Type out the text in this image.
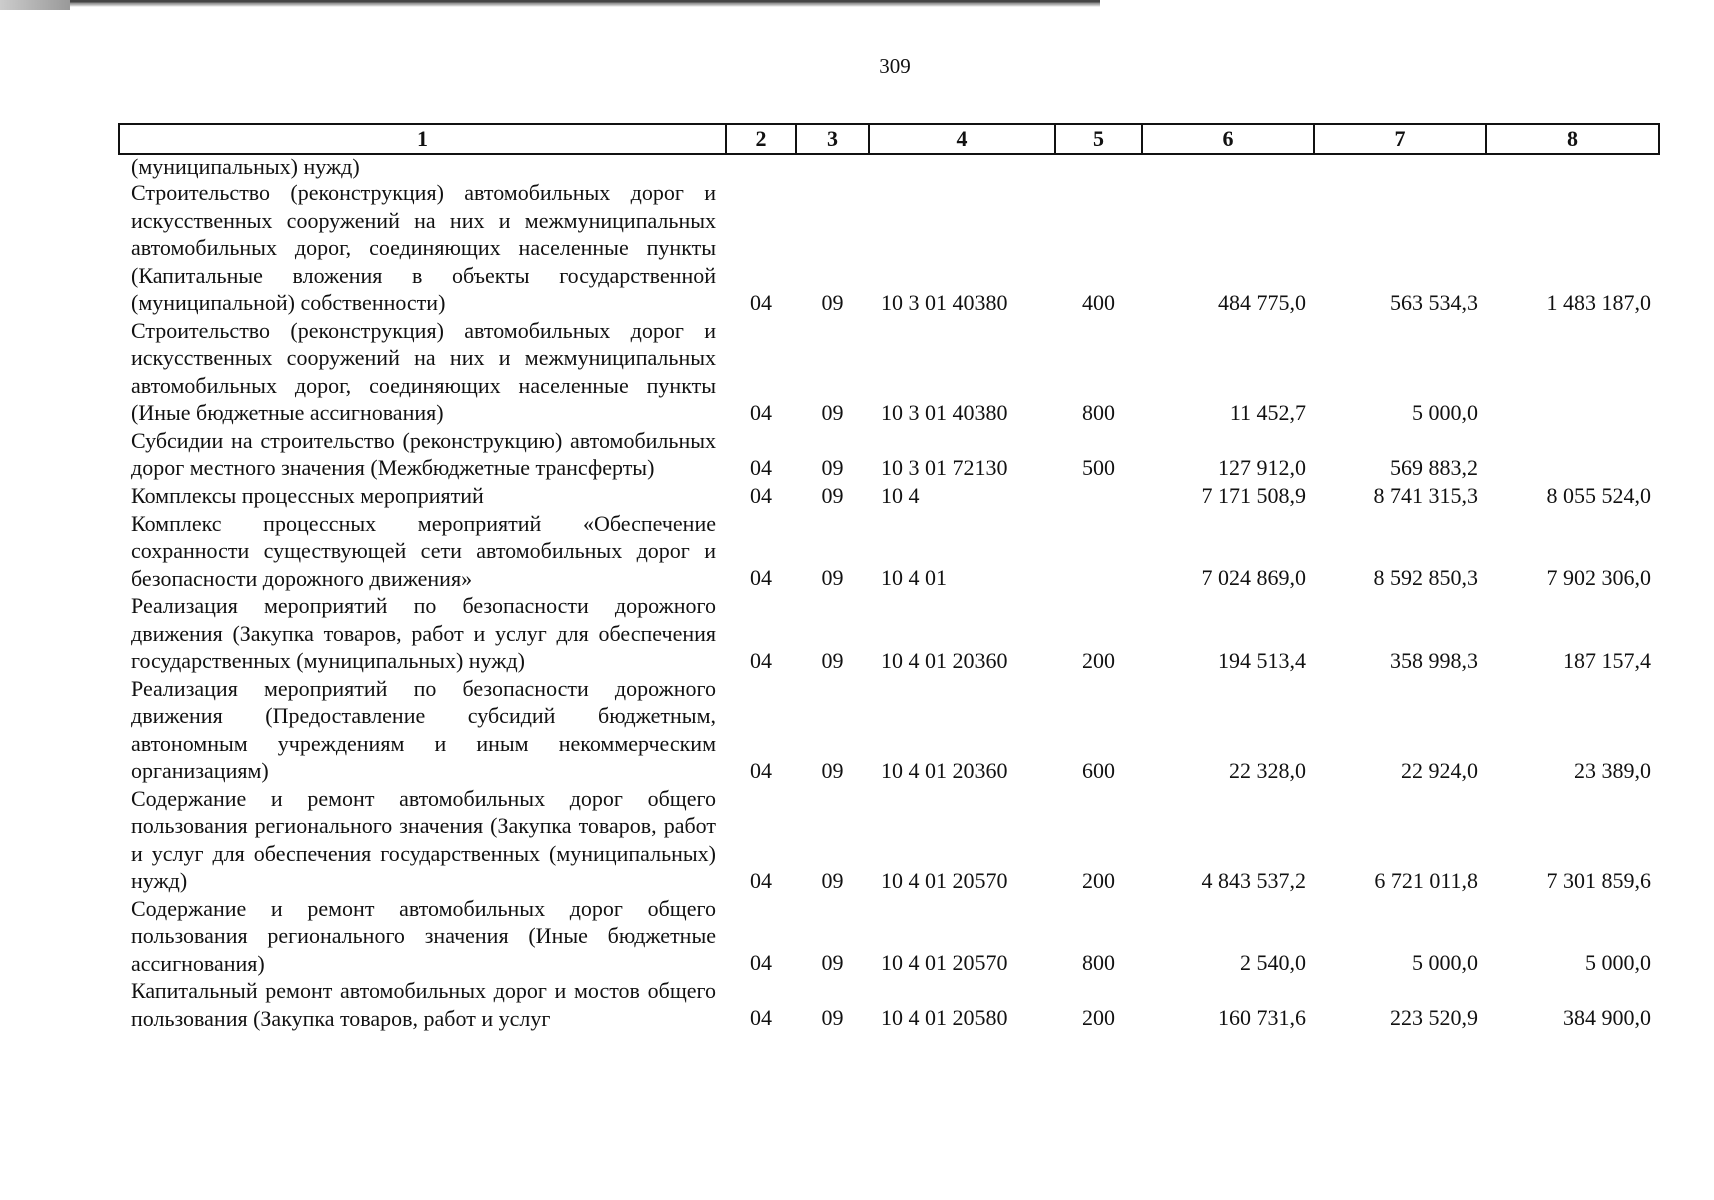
309
1	2	3	4	5	6	7	8
(муниципальных) нужд)							
Строительство (реконструкция) автомобильных дорог и искусственных сооружений на них и межмуниципальных автомобильных дорог, соединяющих населенные пункты (Капитальные вложения в объекты государственной (муниципальной) собственности)	04	09	10 3 01 40380	400	484 775,0	563 534,3	1 483 187,0
Строительство (реконструкция) автомобильных дорог и искусственных сооружений на них и межмуниципальных автомобильных дорог, соединяющих населенные пункты (Иные бюджетные ассигнования)	04	09	10 3 01 40380	800	11 452,7	5 000,0	
Субсидии на строительство (реконструкцию) автомобильных дорог местного значения (Межбюджетные трансферты)	04	09	10 3 01 72130	500	127 912,0	569 883,2	
Комплексы процессных мероприятий	04	09	10 4		7 171 508,9	8 741 315,3	8 055 524,0
Комплекс процессных мероприятий «Обеспечение сохранности существующей сети автомобильных дорог и безопасности дорожного движения»	04	09	10 4 01		7 024 869,0	8 592 850,3	7 902 306,0
Реализация мероприятий по безопасности дорожного движения (Закупка товаров, работ и услуг для обеспечения государственных (муниципальных) нужд)	04	09	10 4 01 20360	200	194 513,4	358 998,3	187 157,4
Реализация мероприятий по безопасности дорожного движения (Предоставление субсидий бюджетным, автономным учреждениям и иным некоммерческим организациям)	04	09	10 4 01 20360	600	22 328,0	22 924,0	23 389,0
Содержание и ремонт автомобильных дорог общего пользования регионального значения (Закупка товаров, работ и услуг для обеспечения государственных (муниципальных) нужд)	04	09	10 4 01 20570	200	4 843 537,2	6 721 011,8	7 301 859,6
Содержание и ремонт автомобильных дорог общего пользования регионального значения (Иные бюджетные ассигнования)	04	09	10 4 01 20570	800	2 540,0	5 000,0	5 000,0
Капитальный ремонт автомобильных дорог и мостов общего пользования (Закупка товаров, работ и услуг	04	09	10 4 01 20580	200	160 731,6	223 520,9	384 900,0
